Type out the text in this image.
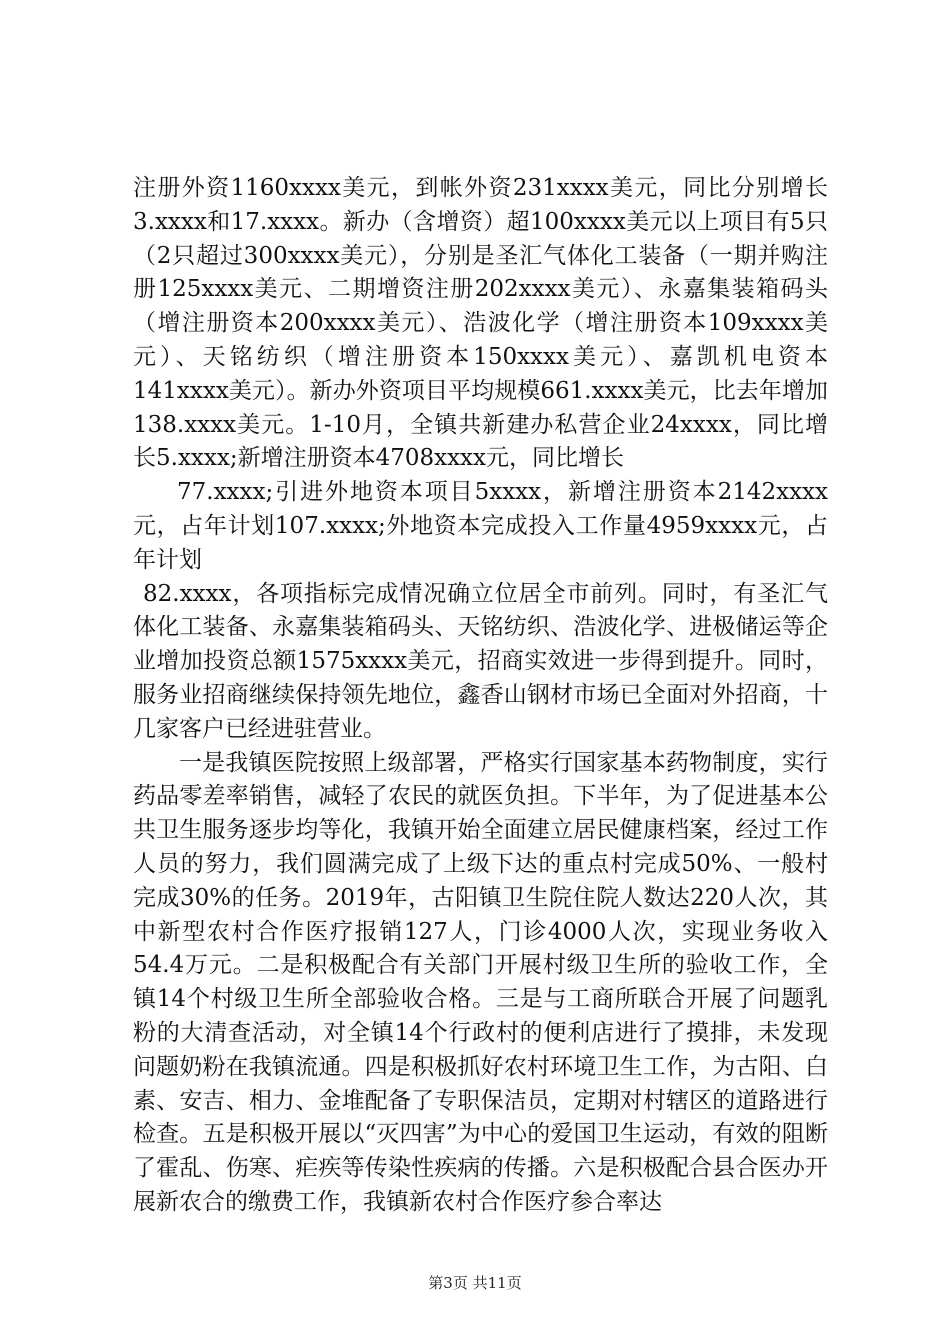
注册外资1160xxxx美元，到帐外资231xxxx美元，同比分别增长3.xxxx和17.xxxx。新办（含增资）超100xxxx美元以上项目有5只（2只超过300xxxx美元），分别是圣汇气体化工装备（一期并购注册125xxxx美元、二期增资注册202xxxx美元）、永嘉集装箱码头（增注册资本200xxxx美元）、浩波化学（增注册资本109xxxx美元）、天铭纺织（增注册资本150xxxx美元）、嘉凯机电资本141xxxx美元）。新办外资项目平均规模661.xxxx美元，比去年增加138.xxxx美元。1-10月，全镇共新建办私营企业24xxxx，同比增长5.xxxx;新增注册资本4708xxxx元，同比增长

77.xxxx;引进外地资本项目5xxxx，新增注册资本2142xxxx元，占年计划107.xxxx;外地资本完成投入工作量4959xxxx元，占年计划

82.xxxx，各项指标完成情况确立位居全市前列。同时，有圣汇气体化工装备、永嘉集装箱码头、天铭纺织、浩波化学、进极储运等企业增加投资总额1575xxxx美元，招商实效进一步得到提升。同时，服务业招商继续保持领先地位，鑫香山钢材市场已全面对外招商，十几家客户已经进驻营业。

一是我镇医院按照上级部署，严格实行国家基本药物制度，实行药品零差率销售，减轻了农民的就医负担。下半年，为了促进基本公共卫生服务逐步均等化，我镇开始全面建立居民健康档案，经过工作人员的努力，我们圆满完成了上级下达的重点村完成50%、一般村完成30%的任务。2019年，古阳镇卫生院住院人数达220人次，其中新型农村合作医疗报销127人，门诊4000人次，实现业务收入54.4万元。二是积极配合有关部门开展村级卫生所的验收工作，全镇14个村级卫生所全部验收合格。三是与工商所联合开展了问题乳粉的大清查活动，对全镇14个行政村的便利店进行了摸排，未发现问题奶粉在我镇流通。四是积极抓好农村环境卫生工作，为古阳、白素、安吉、相力、金堆配备了专职保洁员，定期对村辖区的道路进行检查。五是积极开展以“灭四害”为中心的爱国卫生运动，有效的阻断了霍乱、伤寒、疟疾等传染性疾病的传播。六是积极配合县合医办开展新农合的缴费工作，我镇新农村合作医疗参合率达

第3页 共11页
